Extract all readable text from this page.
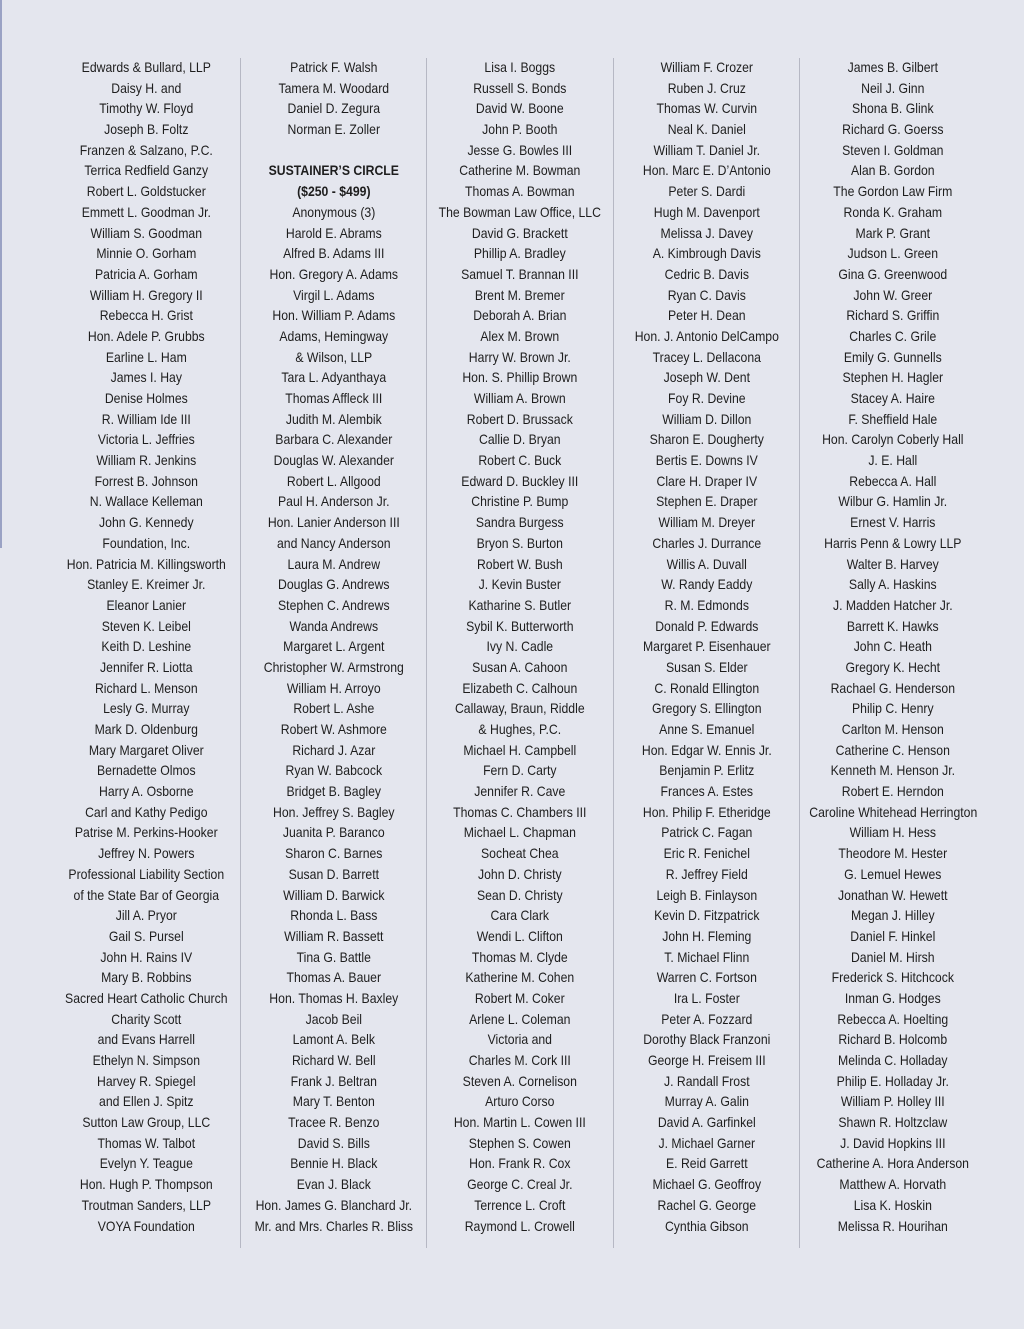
Edwards & Bullard, LLP
Daisy H. and
Timothy W. Floyd
Joseph B. Foltz
Franzen & Salzano, P.C.
Terrica Redfield Ganzy
Robert L. Goldstucker
Emmett L. Goodman Jr.
William S. Goodman
Minnie O. Gorham
Patricia A. Gorham
William H. Gregory II
Rebecca H. Grist
Hon. Adele P. Grubbs
Earline L. Ham
James I. Hay
Denise Holmes
R. William Ide III
Victoria L. Jeffries
William R. Jenkins
Forrest B. Johnson
N. Wallace Kelleman
John G. Kennedy
Foundation, Inc.
Hon. Patricia M. Killingsworth
Stanley E. Kreimer Jr.
Eleanor Lanier
Steven K. Leibel
Keith D. Leshine
Jennifer R. Liotta
Richard L. Menson
Lesly G. Murray
Mark D. Oldenburg
Mary Margaret Oliver
Bernadette Olmos
Harry A. Osborne
Carl and Kathy Pedigo
Patrise M. Perkins-Hooker
Jeffrey N. Powers
Professional Liability Section
of the State Bar of Georgia
Jill A. Pryor
Gail S. Pursel
John H. Rains IV
Mary B. Robbins
Sacred Heart Catholic Church
Charity Scott
and Evans Harrell
Ethelyn N. Simpson
Harvey R. Spiegel
and Ellen J. Spitz
Sutton Law Group, LLC
Thomas W. Talbot
Evelyn Y. Teague
Hon. Hugh P. Thompson
Troutman Sanders, LLP
VOYA Foundation
Patrick F. Walsh
Tamera M. Woodard
Daniel D. Zegura
Norman E. Zoller
SUSTAINER’S CIRCLE
($250 - $499)
Anonymous (3)
Harold E. Abrams
Alfred B. Adams III
Hon. Gregory A. Adams
Virgil L. Adams
Hon. William P. Adams
Adams, Hemingway
& Wilson, LLP
Tara L. Adyanthaya
Thomas Affleck III
Judith M. Alembik
Barbara C. Alexander
Douglas W. Alexander
Robert L. Allgood
Paul H. Anderson Jr.
Hon. Lanier Anderson III
and Nancy Anderson
Laura M. Andrew
Douglas G. Andrews
Stephen C. Andrews
Wanda Andrews
Margaret L. Argent
Christopher W. Armstrong
William H. Arroyo
Robert L. Ashe
Robert W. Ashmore
Richard J. Azar
Ryan W. Babcock
Bridget B. Bagley
Hon. Jeffrey S. Bagley
Juanita P. Baranco
Sharon C. Barnes
Susan D. Barrett
William D. Barwick
Rhonda L. Bass
William R. Bassett
Tina G. Battle
Thomas A. Bauer
Hon. Thomas H. Baxley
Jacob Beil
Lamont A. Belk
Richard W. Bell
Frank J. Beltran
Mary T. Benton
Tracee R. Benzo
David S. Bills
Bennie H. Black
Evan J. Black
Hon. James G. Blanchard Jr.
Mr. and Mrs. Charles R. Bliss
Lisa I. Boggs
Russell S. Bonds
David W. Boone
John P. Booth
Jesse G. Bowles III
Catherine M. Bowman
Thomas A. Bowman
The Bowman Law Office, LLC
David G. Brackett
Phillip A. Bradley
Samuel T. Brannan III
Brent M. Bremer
Deborah A. Brian
Alex M. Brown
Harry W. Brown Jr.
Hon. S. Phillip Brown
William A. Brown
Robert D. Brussack
Callie D. Bryan
Robert C. Buck
Edward D. Buckley III
Christine P. Bump
Sandra Burgess
Bryon S. Burton
Robert W. Bush
J. Kevin Buster
Katharine S. Butler
Sybil K. Butterworth
Ivy N. Cadle
Susan A. Cahoon
Elizabeth C. Calhoun
Callaway, Braun, Riddle
& Hughes, P.C.
Michael H. Campbell
Fern D. Carty
Jennifer R. Cave
Thomas C. Chambers III
Michael L. Chapman
Socheat Chea
John D. Christy
Sean D. Christy
Cara Clark
Wendi L. Clifton
Thomas M. Clyde
Katherine M. Cohen
Robert M. Coker
Arlene L. Coleman
Victoria and
Charles M. Cork III
Steven A. Cornelison
Arturo Corso
Hon. Martin L. Cowen III
Stephen S. Cowen
Hon. Frank R. Cox
George C. Creal Jr.
Terrence L. Croft
Raymond L. Crowell
William F. Crozer
Ruben J. Cruz
Thomas W. Curvin
Neal K. Daniel
William T. Daniel Jr.
Hon. Marc E. D’Antonio
Peter S. Dardi
Hugh M. Davenport
Melissa J. Davey
A. Kimbrough Davis
Cedric B. Davis
Ryan C. Davis
Peter H. Dean
Hon. J. Antonio DelCampo
Tracey L. Dellacona
Joseph W. Dent
Foy R. Devine
William D. Dillon
Sharon E. Dougherty
Bertis E. Downs IV
Clare H. Draper IV
Stephen E. Draper
William M. Dreyer
Charles J. Durrance
Willis A. Duvall
W. Randy Eaddy
R. M. Edmonds
Donald P. Edwards
Margaret P. Eisenhauer
Susan S. Elder
C. Ronald Ellington
Gregory S. Ellington
Anne S. Emanuel
Hon. Edgar W. Ennis Jr.
Benjamin P. Erlitz
Frances A. Estes
Hon. Philip F. Etheridge
Patrick C. Fagan
Eric R. Fenichel
R. Jeffrey Field
Leigh B. Finlayson
Kevin D. Fitzpatrick
John H. Fleming
T. Michael Flinn
Warren C. Fortson
Ira L. Foster
Peter A. Fozzard
Dorothy Black Franzoni
George H. Freisem III
J. Randall Frost
Murray A. Galin
David A. Garfinkel
J. Michael Garner
E. Reid Garrett
Michael G. Geoffroy
Rachel G. George
Cynthia Gibson
James B. Gilbert
Neil J. Ginn
Shona B. Glink
Richard G. Goerss
Steven I. Goldman
Alan B. Gordon
The Gordon Law Firm
Ronda K. Graham
Mark P. Grant
Judson L. Green
Gina G. Greenwood
John W. Greer
Richard S. Griffin
Charles C. Grile
Emily G. Gunnells
Stephen H. Hagler
Stacey A. Haire
F. Sheffield Hale
Hon. Carolyn Coberly Hall
J. E. Hall
Rebecca A. Hall
Wilbur G. Hamlin Jr.
Ernest V. Harris
Harris Penn & Lowry LLP
Walter B. Harvey
Sally A. Haskins
J. Madden Hatcher Jr.
Barrett K. Hawks
John C. Heath
Gregory K. Hecht
Rachael G. Henderson
Philip C. Henry
Carlton M. Henson
Catherine C. Henson
Kenneth M. Henson Jr.
Robert E. Herndon
Caroline Whitehead Herrington
William H. Hess
Theodore M. Hester
G. Lemuel Hewes
Jonathan W. Hewett
Megan J. Hilley
Daniel F. Hinkel
Daniel M. Hirsh
Frederick S. Hitchcock
Inman G. Hodges
Rebecca A. Hoelting
Richard B. Holcomb
Melinda C. Holladay
Philip E. Holladay Jr.
William P. Holley III
Shawn R. Holtzclaw
J. David Hopkins III
Catherine A. Hora Anderson
Matthew A. Horvath
Lisa K. Hoskin
Melissa R. Hourihan
